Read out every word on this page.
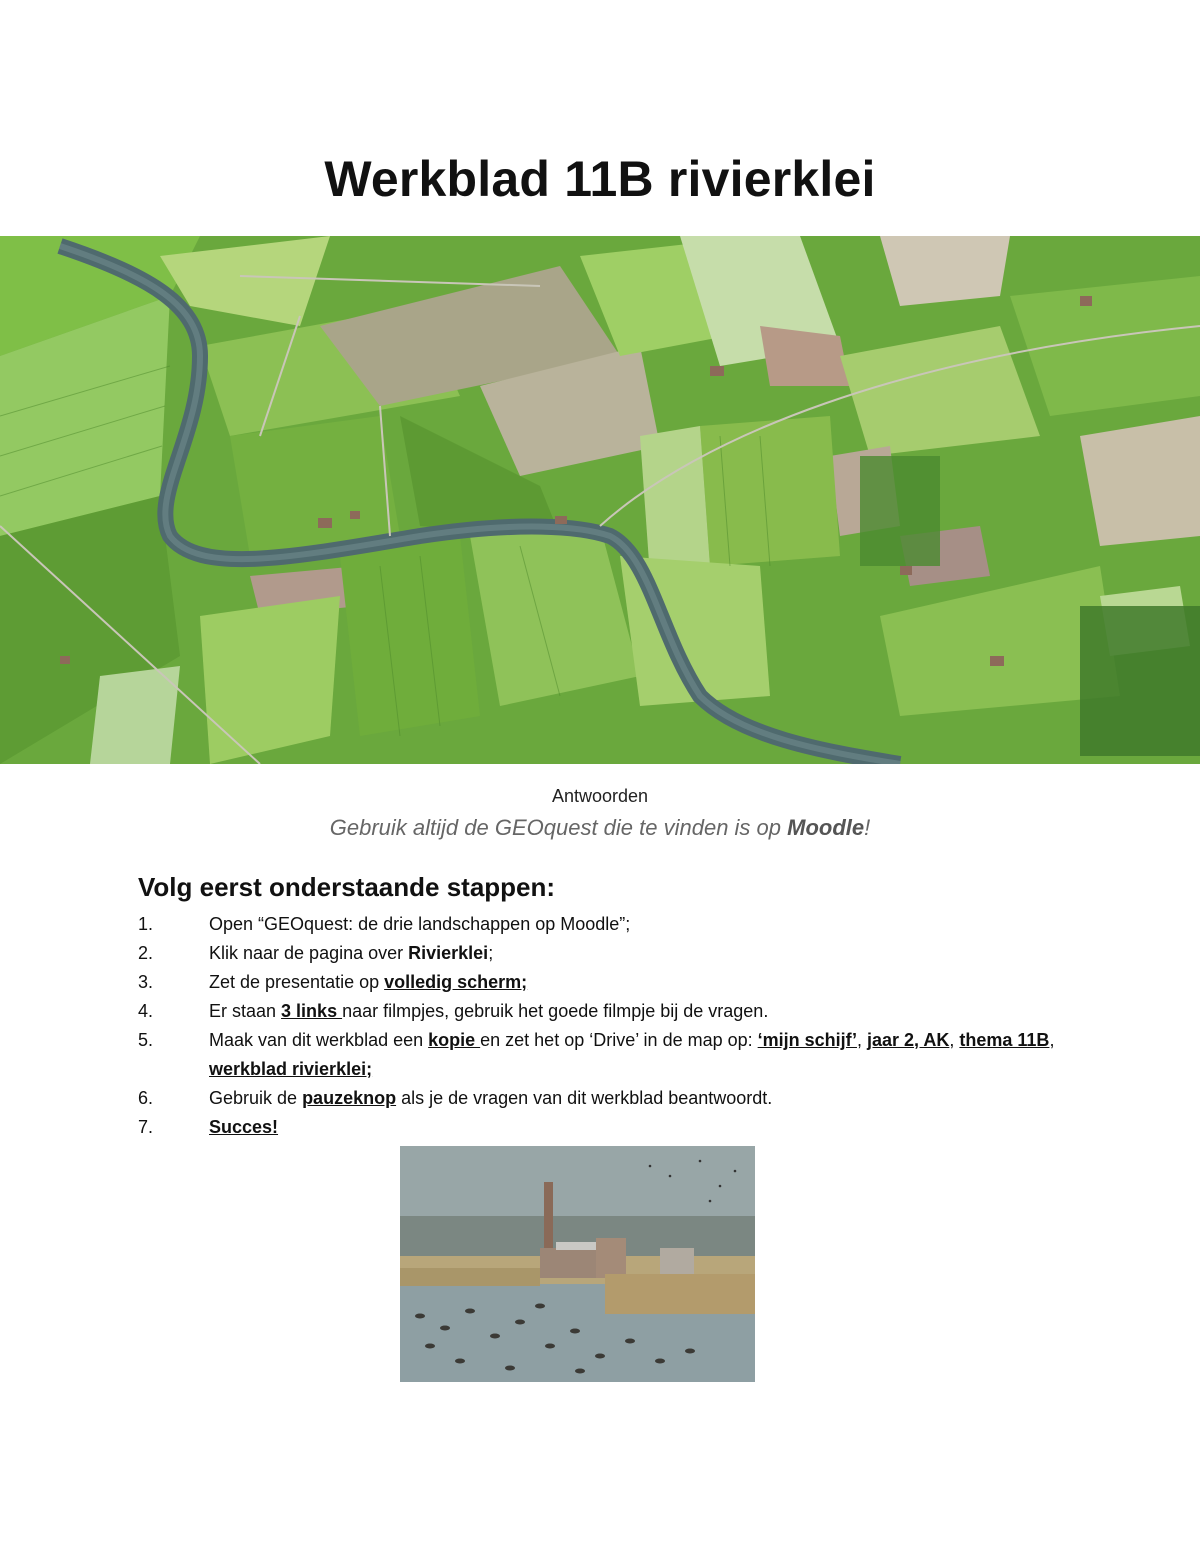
Werkblad 11B rivierklei
Antwoorden
Gebruik altijd de GEOquest die te vinden is op Moodle!
Volg eerst onderstaande stappen:
1.	Open “GEOquest: de drie landschappen op Moodle”;
2.	Klik naar de pagina over Rivierklei;
3.	Zet de presentatie op volledig scherm;
4.	Er staan 3 links naar filmpjes, gebruik het goede filmpje bij de vragen.
5.	Maak van dit werkblad een kopie en zet het op ‘Drive’ in de map op: ‘mijn schijf’, jaar 2, AK, thema 11B, werkblad rivierklei;
6.	Gebruik de pauzeknop als je de vragen van dit werkblad beantwoordt.
7.	Succes!
